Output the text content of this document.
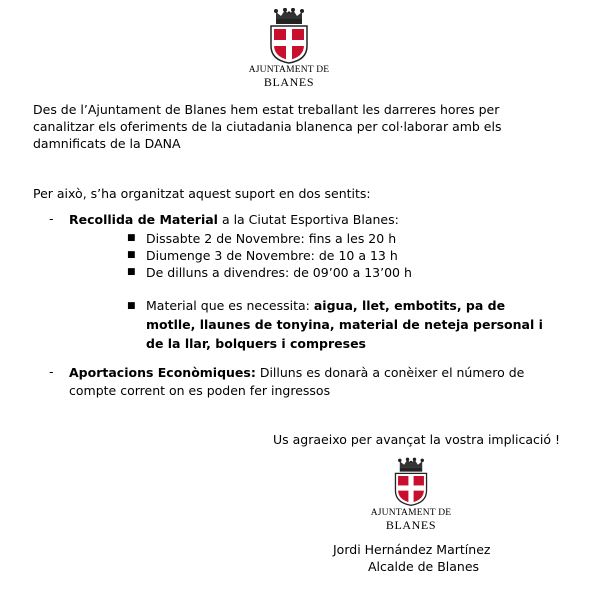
AJUNTAMENT DE
BLANES

Des de l’Ajuntament de Blanes hem estat treballant les darreres hores per

canalitzar els oferiments de la ciutadania blanenca per col·laborar amb els

damnificats de la DANA

Per això, s’ha organitzat aquest suport en dos sentits:

- Recollida de Material a la Ciutat Esportiva Blanes:
■ Dissabte 2 de Novembre: fins a les 20 h
■ Diumenge 3 de Novembre: de 10 a 13 h
■ De dilluns a divendres: de 09’00 a 13’00 h
■ Material que es necessita: aigua, llet, embotits, pa de
motlle, llaunes de tonyina, material de neteja personal i
de la llar, bolquers i compreses
- Aportacions Econòmiques: Dilluns es donarà a conèixer el número de
compte corrent on es poden fer ingressos

Us agraeixo per avançat la vostra implicació !

AJUNTAMENT DE
BLANES

Jordi Hernández Martínez

Alcalde de Blanes
